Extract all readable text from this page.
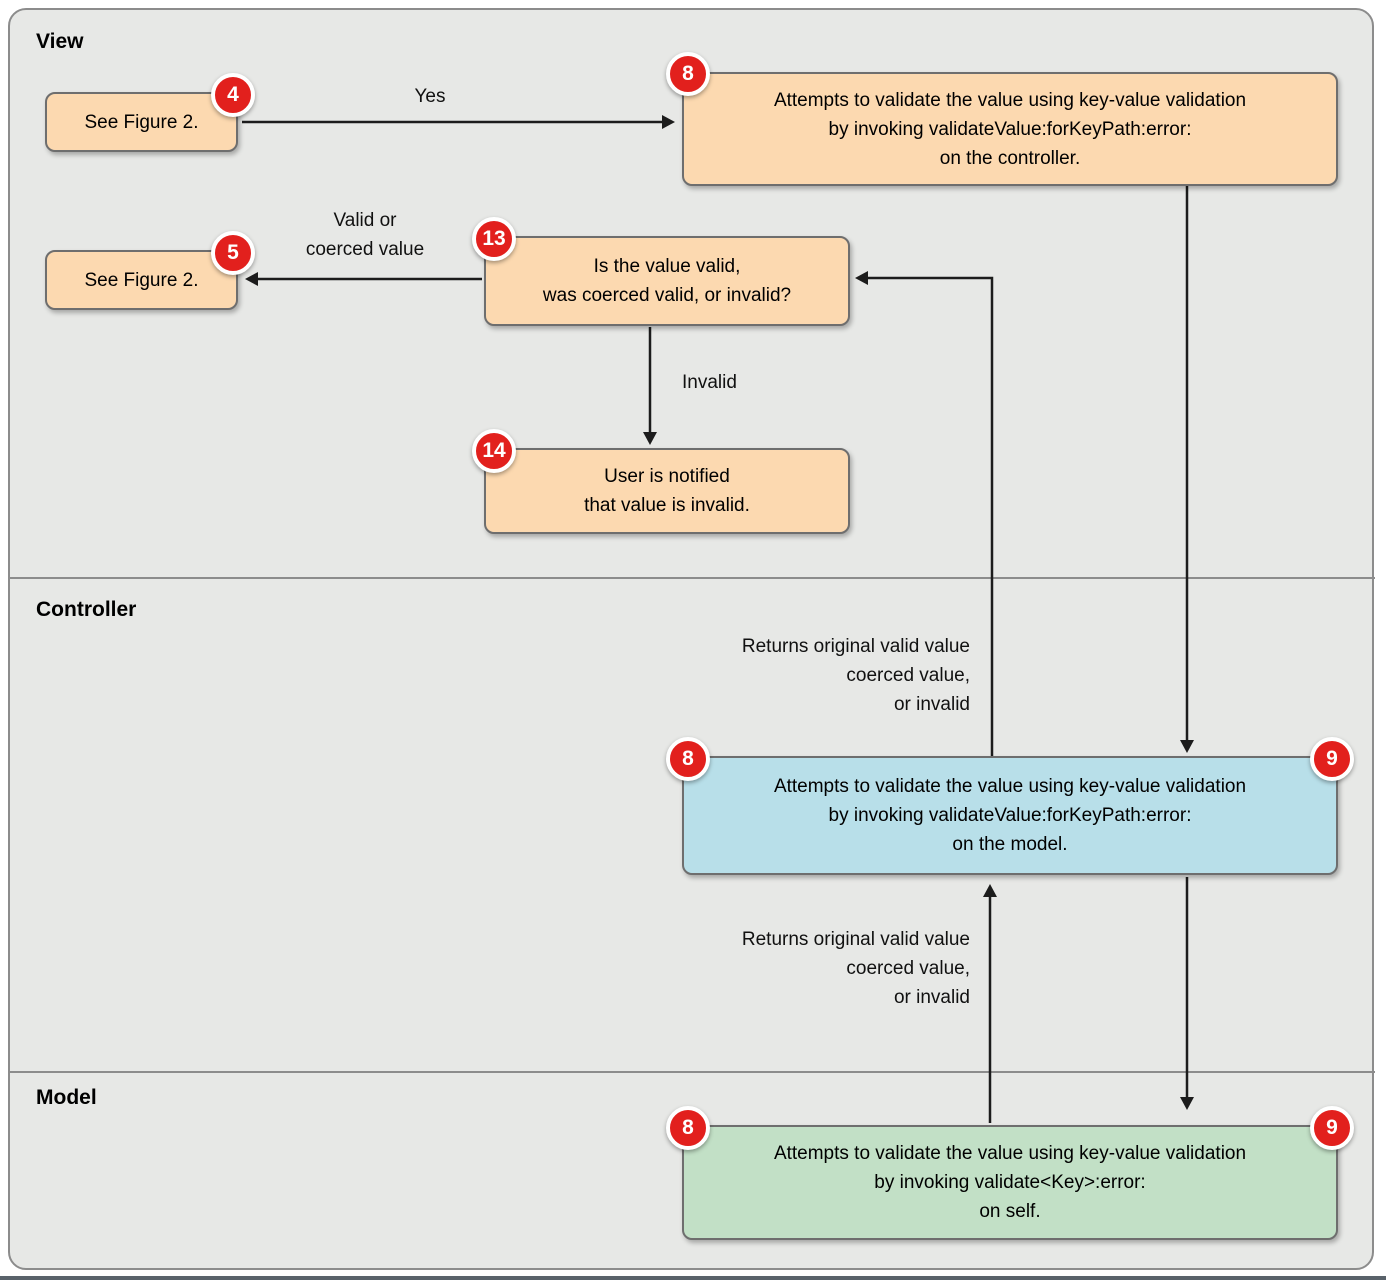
View
Controller
Model
See Figure 2.
Attempts to validate the value using key-value validation
by invoking validateValue:forKeyPath:error:
on the controller.
See Figure 2.
Is the value valid,
was coerced valid, or invalid?
User is notified
that value is invalid.
Attempts to validate the value using key-value validation
by invoking validateValue:forKeyPath:error:
on the model.
Attempts to validate the value using key-value validation
by invoking validate<Key>:error:
on self.
Yes
Valid or
coerced value
Invalid
Returns original valid value
coerced value,
or invalid
Returns original valid value
coerced value,
or invalid
4
8
5
13
14
8	9
8	9
